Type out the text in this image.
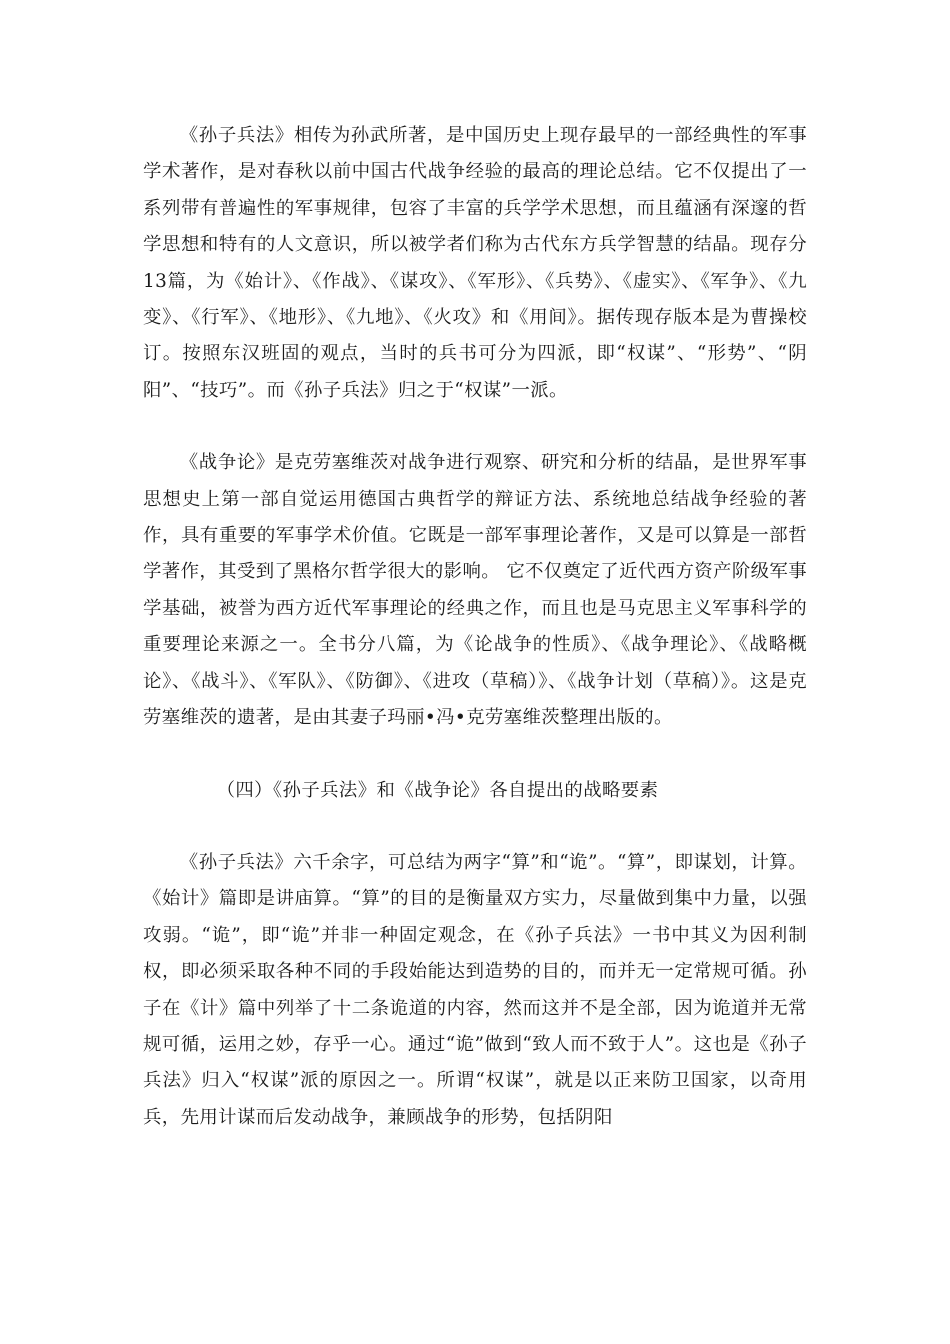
《孙子兵法》相传为孙武所著，是中国历史上现存最早的一部经典性的军事学术著作，是对春秋以前中国古代战争经验的最高的理论总结。它不仅提出了一系列带有普遍性的军事规律，包容了丰富的兵学学术思想，而且蕴涵有深邃的哲学思想和特有的人文意识，所以被学者们称为古代东方兵学智慧的结晶。现存分13篇，为《始计》、《作战》、《谋攻》、《军形》、《兵势》、《虚实》、《军争》、《九变》、《行军》、《地形》、《九地》、《火攻》和《用间》。据传现存版本是为曹操校订。按照东汉班固的观点，当时的兵书可分为四派，即“权谋”、“形势”、“阴阳”、“技巧”。而《孙子兵法》归之于“权谋”一派。

《战争论》是克劳塞维茨对战争进行观察、研究和分析的结晶，是世界军事思想史上第一部自觉运用德国古典哲学的辩证方法、系统地总结战争经验的著作，具有重要的军事学术价值。它既是一部军事理论著作，又是可以算是一部哲学著作，其受到了黑格尔哲学很大的影响。 它不仅奠定了近代西方资产阶级军事学基础，被誉为西方近代军事理论的经典之作，而且也是马克思主义军事科学的重要理论来源之一。全书分八篇，为《论战争的性质》、《战争理论》、《战略概论》、《战斗》、《军队》、《防御》、《进攻（草稿）》、《战争计划（草稿）》。这是克劳塞维茨的遗著，是由其妻子玛丽•冯•克劳塞维茨整理出版的。

（四）《孙子兵法》和《战争论》各自提出的战略要素

《孙子兵法》六千余字，可总结为两字“算”和“诡”。“算”，即谋划，计算。《始计》篇即是讲庙算。“算”的目的是衡量双方实力，尽量做到集中力量，以强攻弱。“诡”，即“诡”并非一种固定观念，在《孙子兵法》一书中其义为因利制权，即必须采取各种不同的手段始能达到造势的目的，而并无一定常规可循。孙子在《计》篇中列举了十二条诡道的内容，然而这并不是全部，因为诡道并无常规可循，运用之妙，存乎一心。通过“诡”做到“致人而不致于人”。这也是《孙子兵法》归入“权谋”派的原因之一。所谓“权谋”，就是以正来防卫国家，以奇用兵，先用计谋而后发动战争，兼顾战争的形势，包括阴阳
